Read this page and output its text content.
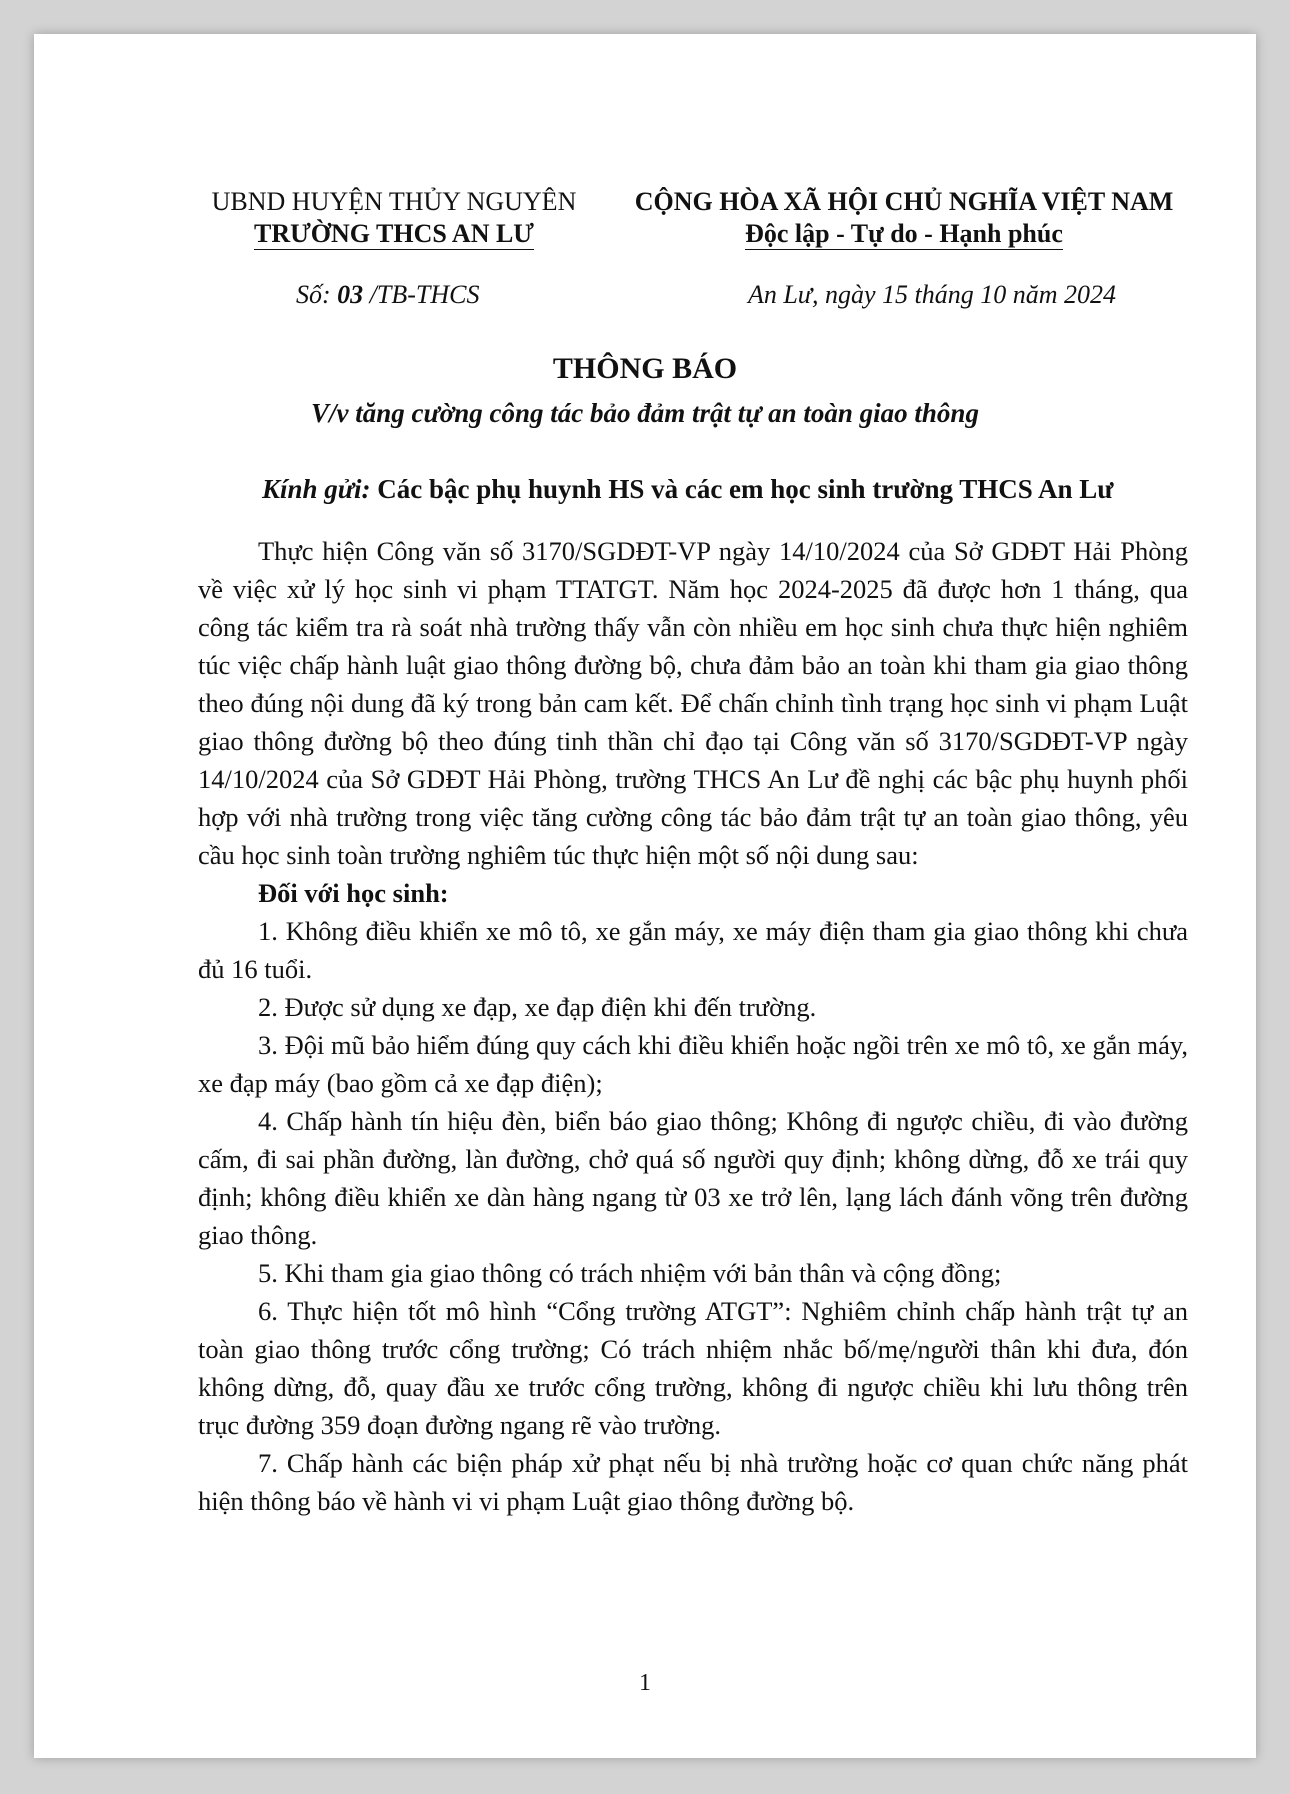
UBND HUYỆN THỦY NGUYÊN
TRƯỜNG THCS AN LƯ
CỘNG HÒA XÃ HỘI CHỦ NGHĨA VIỆT NAM
Độc lập - Tự do - Hạnh phúc
Số: 03 /TB-THCS	An Lư, ngày 15 tháng 10 năm 2024
THÔNG BÁO
V/v tăng cường công tác bảo đảm trật tự an toàn giao thông
Kính gửi: Các bậc phụ huynh HS và các em học sinh trường THCS An Lư

Thực hiện Công văn số 3170/SGDĐT-VP ngày 14/10/2024 của Sở GDĐT Hải Phòng về việc xử lý học sinh vi phạm TTATGT. Năm học 2024-2025 đã được hơn 1 tháng, qua công tác kiểm tra rà soát nhà trường thấy vẫn còn nhiều em học sinh chưa thực hiện nghiêm túc việc chấp hành luật giao thông đường bộ, chưa đảm bảo an toàn khi tham gia giao thông theo đúng nội dung đã ký trong bản cam kết. Để chấn chỉnh tình trạng học sinh vi phạm Luật giao thông đường bộ theo đúng tinh thần chỉ đạo tại Công văn số 3170/SGDĐT-VP ngày 14/10/2024 của Sở GDĐT Hải Phòng, trường THCS An Lư đề nghị các bậc phụ huynh phối hợp với nhà trường trong việc tăng cường công tác bảo đảm trật tự an toàn giao thông, yêu cầu học sinh toàn trường nghiêm túc thực hiện một số nội dung sau:

Đối với học sinh:

1. Không điều khiển xe mô tô, xe gắn máy, xe máy điện tham gia giao thông khi chưa đủ 16 tuổi.

2. Được sử dụng xe đạp, xe đạp điện khi đến trường.

3. Đội mũ bảo hiểm đúng quy cách khi điều khiển hoặc ngồi trên xe mô tô, xe gắn máy, xe đạp máy (bao gồm cả xe đạp điện);

4. Chấp hành tín hiệu đèn, biển báo giao thông; Không đi ngược chiều, đi vào đường cấm, đi sai phần đường, làn đường, chở quá số người quy định; không dừng, đỗ xe trái quy định; không điều khiển xe dàn hàng ngang từ 03 xe trở lên, lạng lách đánh võng trên đường giao thông.

5. Khi tham gia giao thông có trách nhiệm với bản thân và cộng đồng;

6. Thực hiện tốt mô hình “Cổng trường ATGT”: Nghiêm chỉnh chấp hành trật tự an toàn giao thông trước cổng trường; Có trách nhiệm nhắc bố/mẹ/người thân khi đưa, đón không dừng, đỗ, quay đầu xe trước cổng trường, không đi ngược chiều khi lưu thông trên trục đường 359 đoạn đường ngang rẽ vào trường.

7. Chấp hành các biện pháp xử phạt nếu bị nhà trường hoặc cơ quan chức năng phát hiện thông báo về hành vi vi phạm Luật giao thông đường bộ.

1
